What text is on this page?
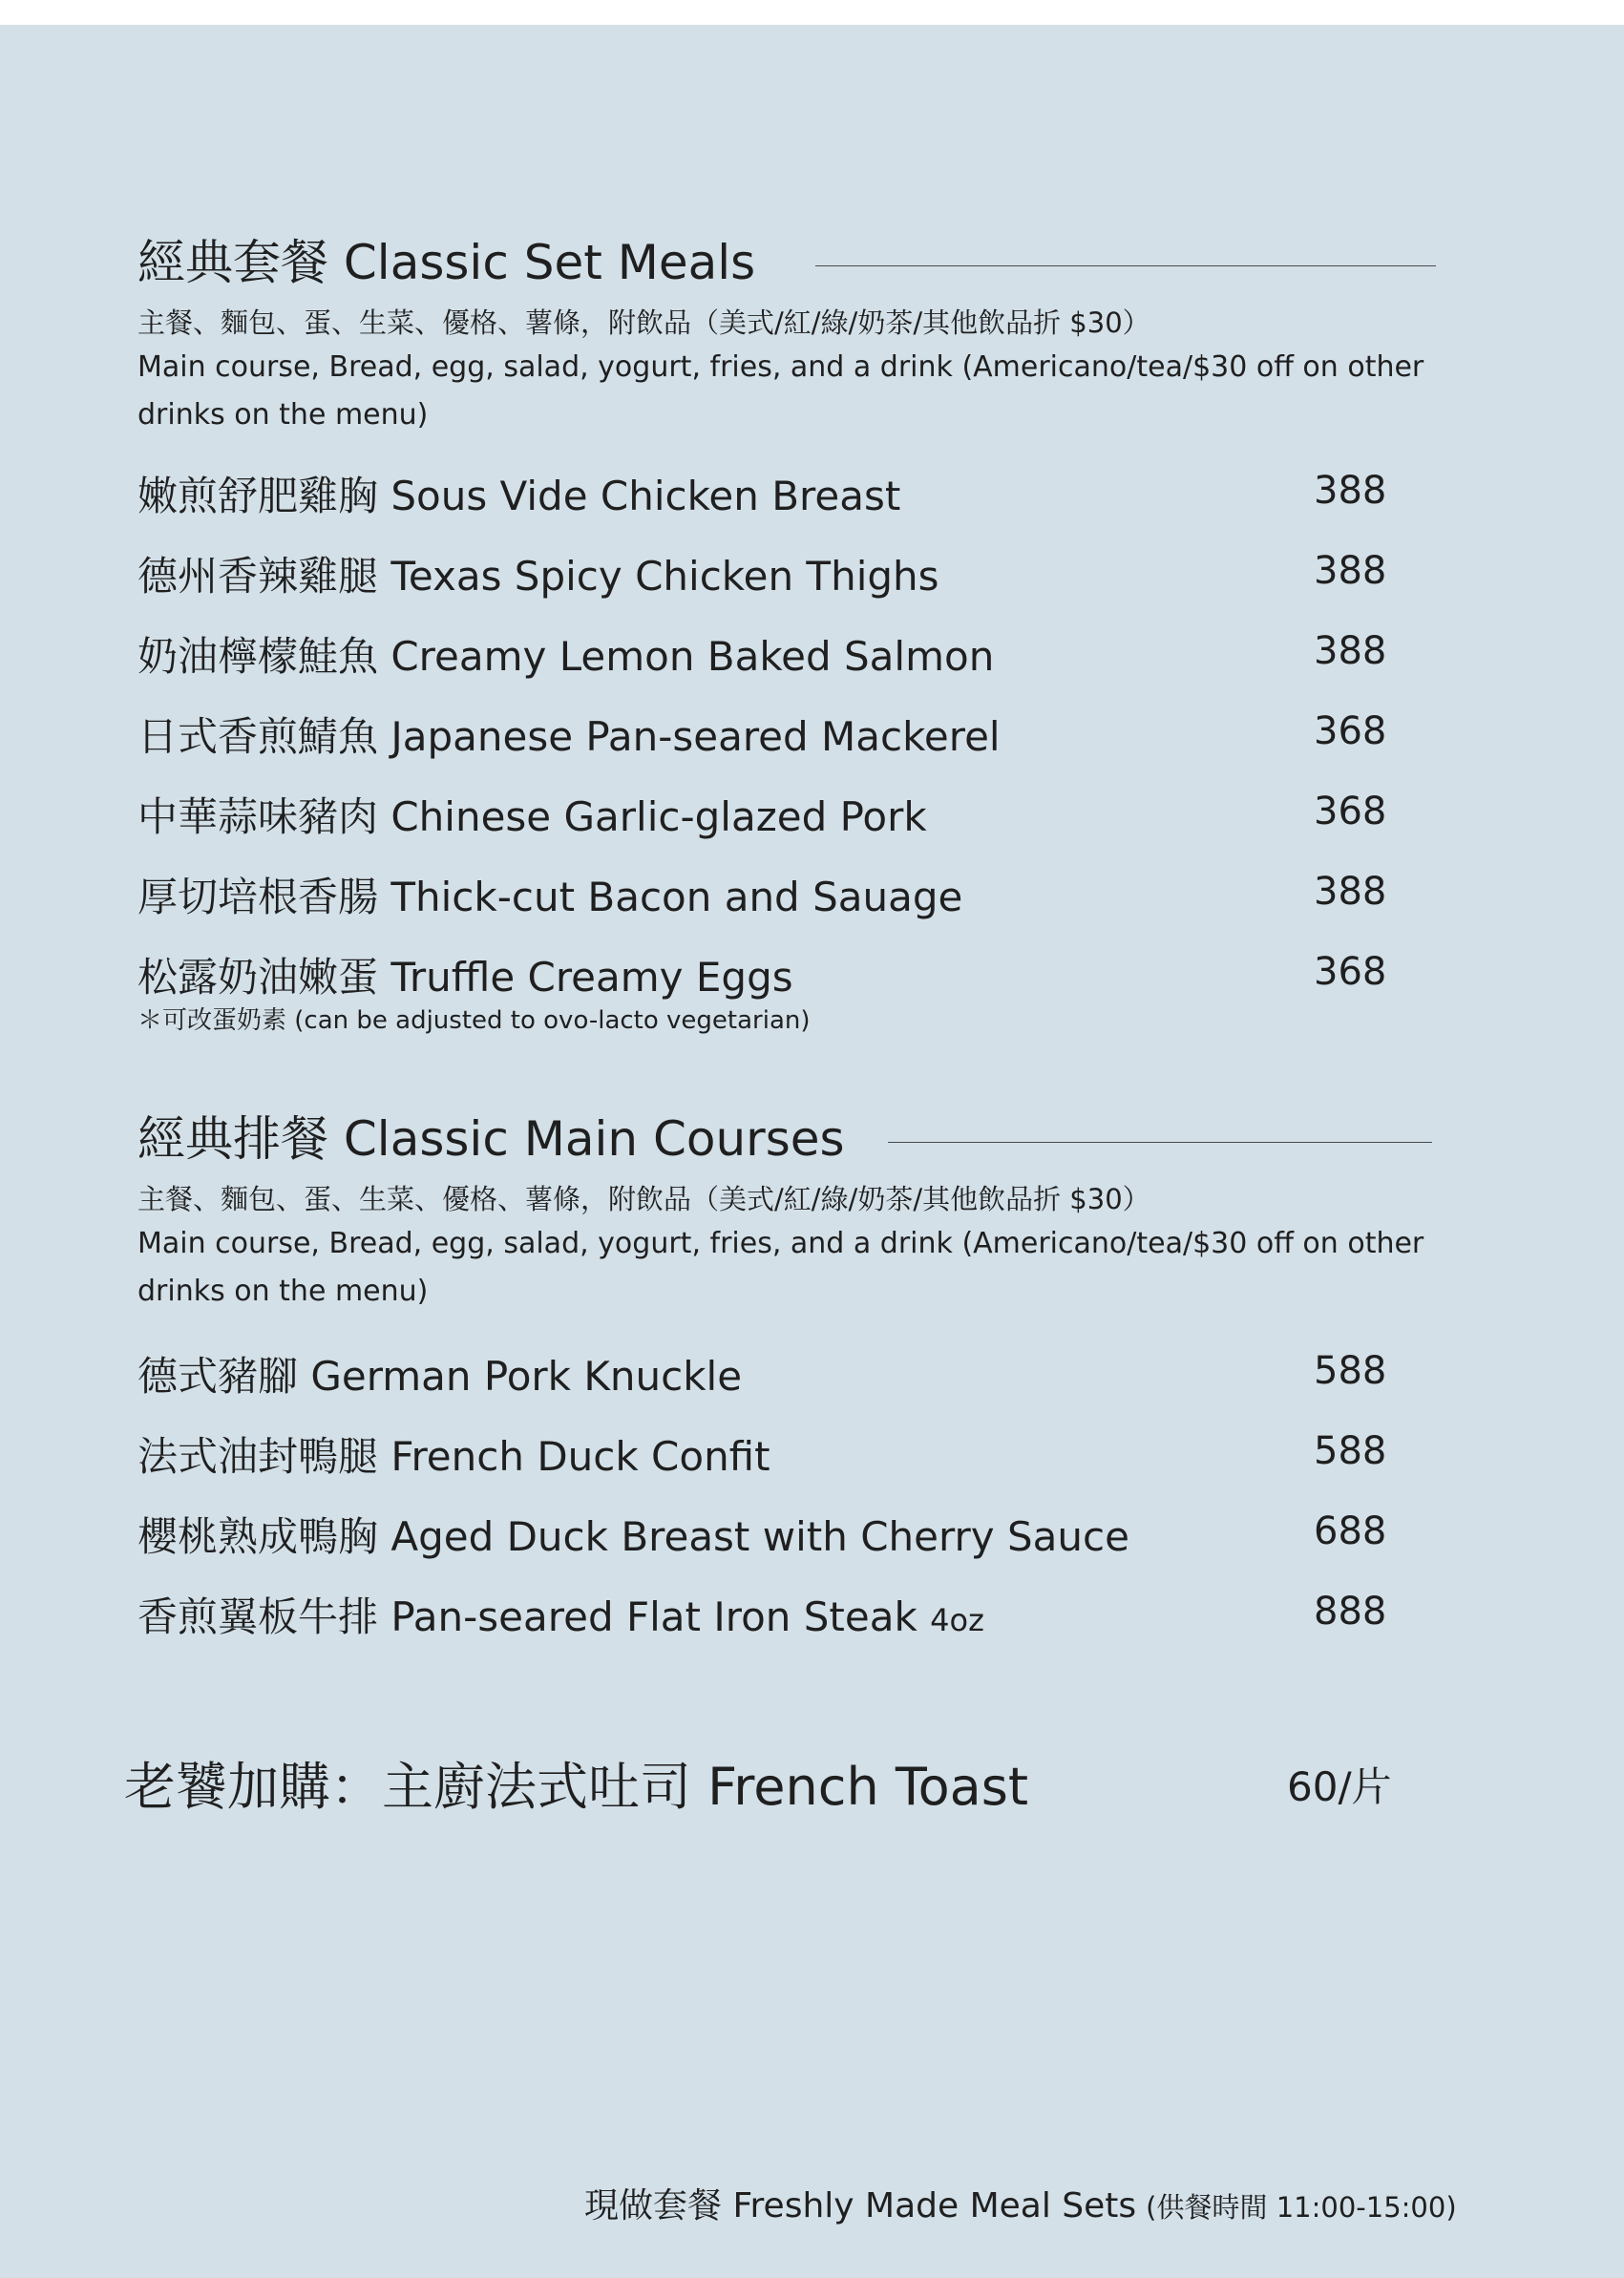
經典套餐 Classic Set Meals
主餐、麵包、蛋、生菜、優格、薯條，附飲品（美式/紅/綠/奶茶/其他飲品折 $30）
Main course, Bread, egg, salad, yogurt, fries, and a drink (Americano/tea/$30 off on other drinks on the menu)
嫩煎舒肥雞胸 Sous Vide Chicken Breast	388
德州香辣雞腿 Texas Spicy Chicken Thighs	388
奶油檸檬鮭魚 Creamy Lemon Baked Salmon	388
日式香煎鯖魚 Japanese Pan-seared Mackerel	368
中華蒜味豬肉 Chinese Garlic-glazed Pork	368
厚切培根香腸 Thick-cut Bacon and Sauage	388
松露奶油嫩蛋 Truffle Creamy Eggs	368
＊可改蛋奶素 (can be adjusted to ovo-lacto vegetarian)
經典排餐 Classic Main Courses
主餐、麵包、蛋、生菜、優格、薯條，附飲品（美式/紅/綠/奶茶/其他飲品折 $30）
Main course, Bread, egg, salad, yogurt, fries, and a drink (Americano/tea/$30 off on other drinks on the menu)
德式豬腳 German Pork Knuckle	588
法式油封鴨腿 French Duck Confit	588
櫻桃熟成鴨胸 Aged Duck Breast with Cherry Sauce	688
香煎翼板牛排 Pan-seared Flat Iron Steak 4oz	888
老饕加購：主廚法式吐司 French Toast	60/片
現做套餐 Freshly Made Meal Sets (供餐時間 11:00-15:00)
